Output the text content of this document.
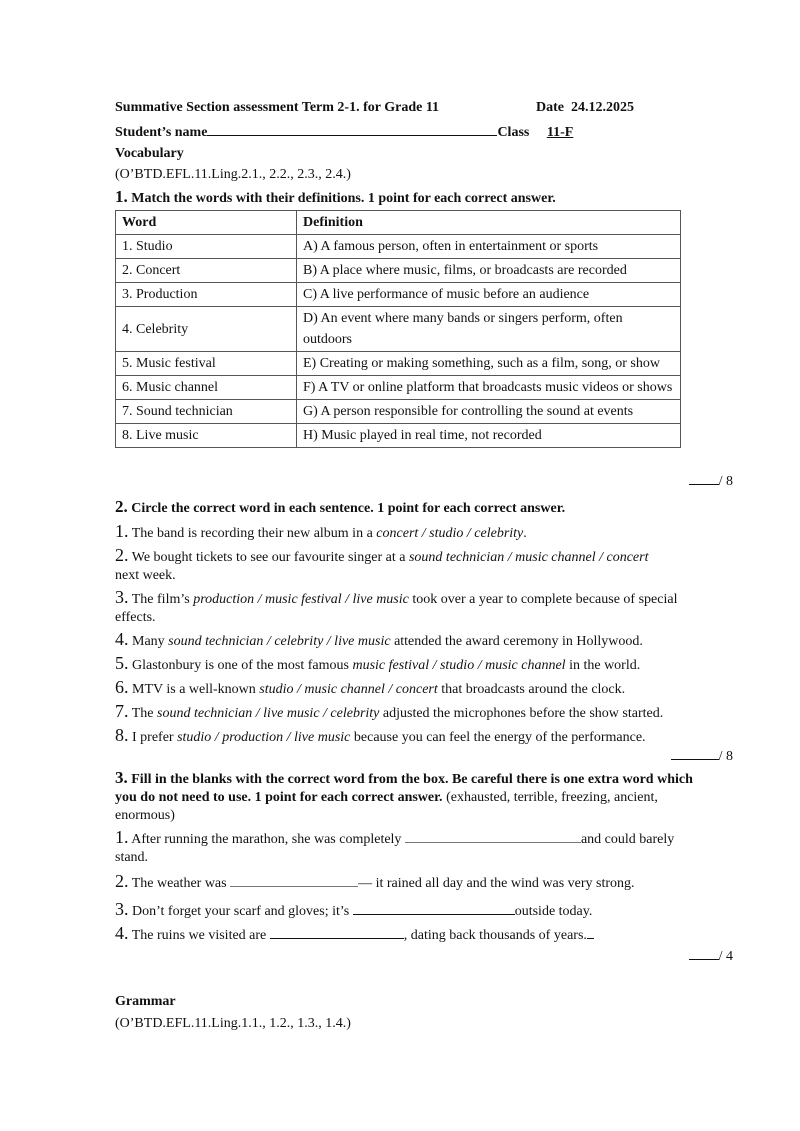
Summative Section assessment Term 2-1. for Grade 11	Date 24.12.2025
Student’s name	Class 11-F
Vocabulary
(O’BTD.EFL.11.Ling.2.1., 2.2., 2.3., 2.4.)
1. Match the words with their definitions. 1 point for each correct answer.
Word	Definition
1. Studio	A) A famous person, often in entertainment or sports
2. Concert	B) A place where music, films, or broadcasts are recorded
3. Production	C) A live performance of music before an audience
4. Celebrity	D) An event where many bands or singers perform, often outdoors
5. Music festival	E) Creating or making something, such as a film, song, or show
6. Music channel	F) A TV or online platform that broadcasts music videos or shows
7. Sound technician	G) A person responsible for controlling the sound at events
8. Live music	H) Music played in real time, not recorded
/ 8
2. Circle the correct word in each sentence. 1 point for each correct answer.
1. The band is recording their new album in a concert / studio / celebrity.
2. We bought tickets to see our favourite singer at a sound technician / music channel / concert
next week.
3. The film’s production / music festival / live music took over a year to complete because of special
effects.
4. Many sound technician / celebrity / live music attended the award ceremony in Hollywood.
5. Glastonbury is one of the most famous music festival / studio / music channel in the world.
6. MTV is a well-known studio / music channel / concert that broadcasts around the clock.
7. The sound technician / live music / celebrity adjusted the microphones before the show started.
8. I prefer studio / production / live music because you can feel the energy of the performance.
/ 8
3. Fill in the blanks with the correct word from the box. Be careful there is one extra word which
you do not need to use. 1 point for each correct answer. (exhausted, terrible, freezing, ancient,
enormous)
1. After running the marathon, she was completely	and could barely
stand.
2. The weather was	— it rained all day and the wind was very strong.
3. Don’t forget your scarf and gloves; it’s	outside today.
4. The ruins we visited are	, dating back thousands of years.
/ 4
Grammar
(O’BTD.EFL.11.Ling.1.1., 1.2., 1.3., 1.4.)
